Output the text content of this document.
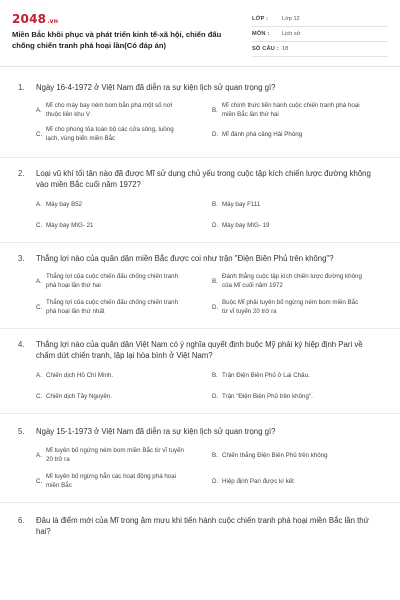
2048.vn
Miền Bắc khôi phục và phát triển kinh tế-xã hội, chiến đấu chống chiến tranh phá hoại lần(Có đáp án)
LỚP :	Lớp 12
MÔN :	Lịch sử
SỐ CÂU : 18
1.	Ngày 16-4-1972 ở Việt Nam đã diễn ra sự kiện lịch sử quan trọng gì?
A.
Mĩ cho máy bay ném bom bắn phá một số nơi thuộc liên khu V
B.
Mĩ chính thức tiến hành cuộc chiến tranh phá hoại miền Bắc lần thứ hai
C.
Mĩ cho phong tỏa toàn bộ các cửa sông, luồng lạch, vùng biển miền Bắc
D. Mĩ đánh phá cảng Hải Phòng
2.	Loại vũ khí tối tân nào đã được Mĩ sử dụng chủ yếu trong cuộc tập kích chiến lược đường không vào miền Bắc cuối năm 1972?
A. Máy bay B52	B. Máy bay F111
C. Máy bay MIG- 21	D. Máy bay MIG- 19
3.	Thắng lợi nào của quân dân miền Bắc được coi như trận "Điện Biên Phủ trên không"?
A.
Thắng lợi của cuộc chiến đấu chống chiến tranh phá hoại lần thứ hai
B.
Đánh thắng cuộc tập kích chiến lược đường không của Mĩ cuối năm 1972
C.
Thắng lợi của cuộc chiến đấu chống chiến tranh phá hoại lần thứ nhất
D.
Buộc Mĩ phải tuyên bố ngừng ném bom miền Bắc từ vĩ tuyến 20 trở ra
4.	Thắng lợi nào của quân dân Việt Nam có ý nghĩa quyết định buộc Mỹ phải ký hiệp định Pari về chấm dứt chiến tranh, lập lại hòa bình ở Việt Nam?
A. Chiến dịch Hồ Chí Minh.	B. Trận Điện Biên Phủ ở Lai Châu.
C. Chiến dịch Tây Nguyên.	D. Trận "Điện Biên Phủ trên không".
5.	Ngày 15-1-1973 ở Việt Nam đã diễn ra sự kiện lịch sử quan trọng gì?
A.
Mĩ tuyên bố ngừng ném bom miền Bắc từ vĩ tuyến 20 trở ra
B. Chiến thắng Điện Biên Phủ trên không
C.
Mĩ tuyên bố ngừng hẳn các hoạt động phá hoại miền Bắc
D. Hiệp định Pari được kí kết
6.	Đâu là điểm mới của Mĩ trong âm mưu khi tiến hành cuộc chiến tranh phá hoại miền Bắc lần thứ hai?
